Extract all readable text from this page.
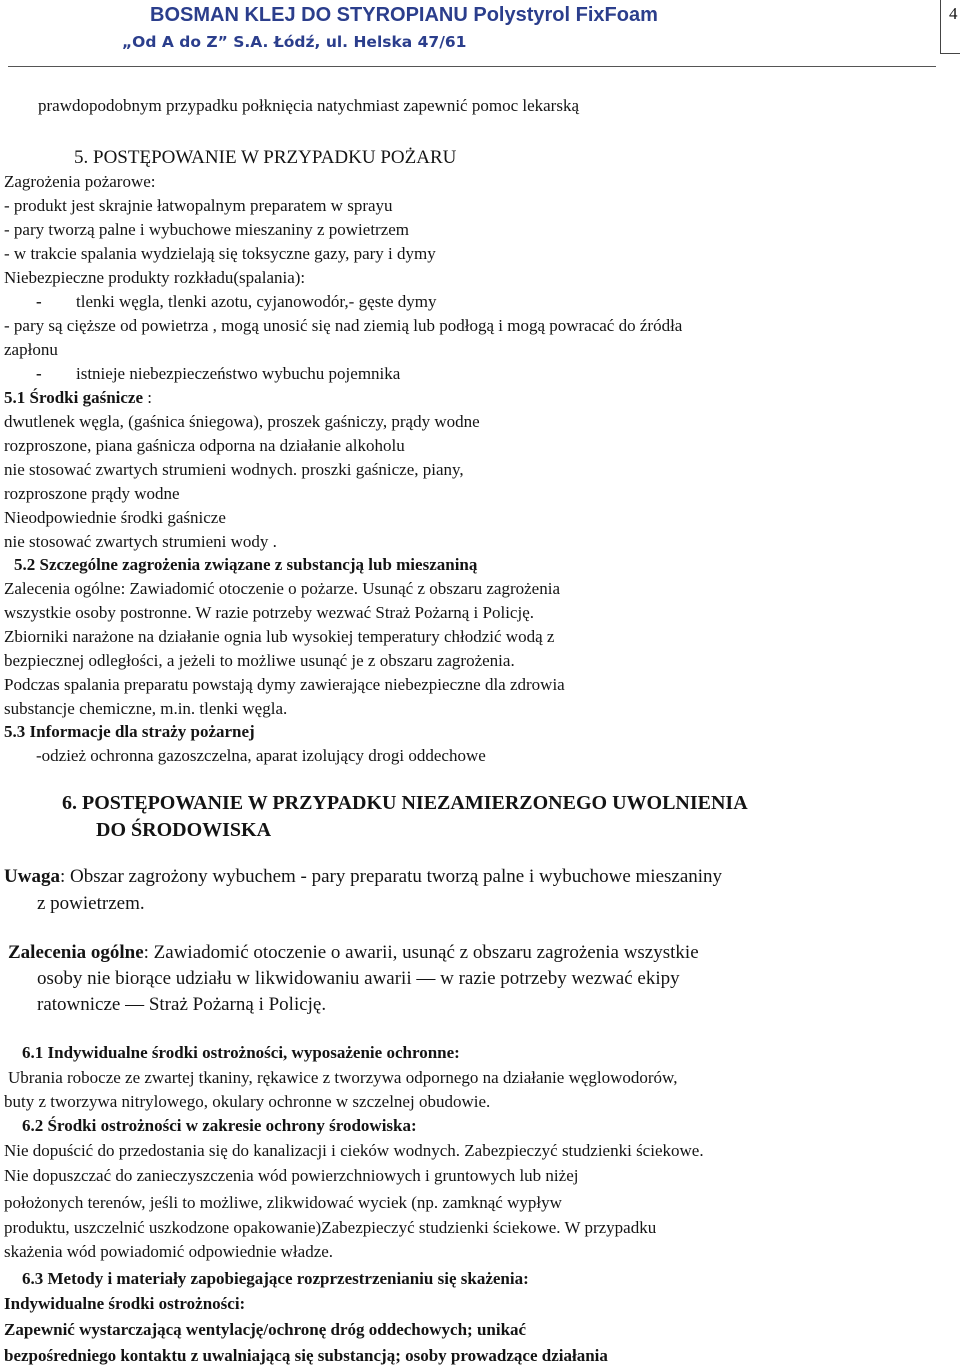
BOSMAN KLEJ DO STYROPIANU Polystyrol FixFoam
„Od A do Z” S.A. Łódź, ul. Helska 47/61
4
prawdopodobnym przypadku połknięcia natychmiast zapewnić pomoc lekarską
5. POSTĘPOWANIE W PRZYPADKU POŻARU
Zagrożenia pożarowe:
- produkt jest skrajnie łatwopalnym preparatem w sprayu
- pary tworzą palne i wybuchowe mieszaniny z powietrzem
- w trakcie spalania wydzielają się toksyczne gazy, pary i dymy
Niebezpieczne produkty rozkładu(spalania):
- tlenki węgla, tlenki azotu, cyjanowodór,- gęste dymy
- pary są cięższe od powietrza , mogą unosić się nad ziemią lub podłogą i mogą powracać do źródła
zapłonu
- istnieje niebezpieczeństwo wybuchu pojemnika
5.1 Środki gaśnicze :
dwutlenek węgla, (gaśnica śniegowa), proszek gaśniczy, prądy wodne
rozproszone, piana gaśnicza odporna na działanie alkoholu
nie stosować zwartych strumieni wodnych. proszki gaśnicze, piany,
rozproszone prądy wodne
Nieodpowiednie środki gaśnicze
nie stosować zwartych strumieni wody .
5.2 Szczególne zagrożenia związane z substancją lub mieszaniną
Zalecenia ogólne: Zawiadomić otoczenie o pożarze. Usunąć z obszaru zagrożenia
wszystkie osoby postronne. W razie potrzeby wezwać Straż Pożarną i Policję.
Zbiorniki narażone na działanie ognia lub wysokiej temperatury chłodzić wodą z
bezpiecznej odległości, a jeżeli to możliwe usunąć je z obszaru zagrożenia.
Podczas spalania preparatu powstają dymy zawierające niebezpieczne dla zdrowia
substancje chemiczne, m.in. tlenki węgla.
5.3 Informacje dla straży pożarnej
-odzież ochronna gazoszczelna, aparat izolujący drogi oddechowe
6. POSTĘPOWANIE W PRZYPADKU NIEZAMIERZONEGO UWOLNIENIA
DO ŚRODOWISKA
Uwaga: Obszar zagrożony wybuchem - pary preparatu tworzą palne i wybuchowe mieszaniny
z powietrzem.
Zalecenia ogólne: Zawiadomić otoczenie o awarii, usunąć z obszaru zagrożenia wszystkie
osoby nie biorące udziału w likwidowaniu awarii — w razie potrzeby wezwać ekipy
ratownicze — Straż Pożarną i Policję.
6.1 Indywidualne środki ostrożności, wyposażenie ochronne:
Ubrania robocze ze zwartej tkaniny, rękawice z tworzywa odpornego na działanie węglowodorów,
buty z tworzywa nitrylowego, okulary ochronne w szczelnej obudowie.
6.2 Środki ostrożności w zakresie ochrony środowiska:
Nie dopuścić do przedostania się do kanalizacji i cieków wodnych. Zabezpieczyć studzienki ściekowe.
Nie dopuszczać do zanieczyszczenia wód powierzchniowych i gruntowych lub niżej
położonych terenów, jeśli to możliwe, zlikwidować wyciek (np. zamknąć wypływ
produktu, uszczelnić uszkodzone opakowanie)Zabezpieczyć studzienki ściekowe. W przypadku
skażenia wód powiadomić odpowiednie władze.
6.3 Metody i materiały zapobiegające rozprzestrzenianiu się skażenia:
Indywidualne środki ostrożności:
Zapewnić wystarczającą wentylację/ochronę dróg oddechowych; unikać
bezpośredniego kontaktu z uwalniającą się substancją; osoby prowadzące działania
